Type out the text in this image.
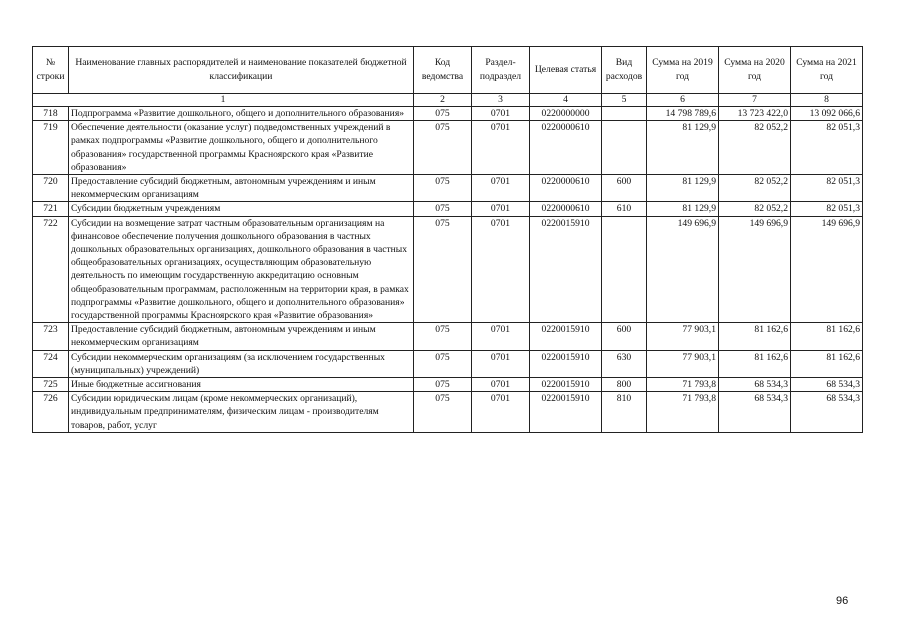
№ строки	Наименование главных распорядителей и наименование показателей бюджетной классификации	Код ведомства	Раздел-подраздел	Целевая статья	Вид расходов	Сумма на 2019 год	Сумма на 2020 год	Сумма на 2021 год
1		2	3	4	5	6	7	8
718	Подпрограмма «Развитие дошкольного, общего и дополнительного образования»	075	0701	0220000000		14 798 789,6	13 723 422,0	13 092 066,6
719	Обеспечение деятельности (оказание услуг) подведомственных учреждений в рамках подпрограммы «Развитие дошкольного, общего и дополнительного образования» государственной программы Красноярского края «Развитие образования»	075	0701	0220000610		81 129,9	82 052,2	82 051,3
720	Предоставление субсидий бюджетным, автономным учреждениям и иным некоммерческим организациям	075	0701	0220000610	600	81 129,9	82 052,2	82 051,3
721	Субсидии бюджетным учреждениям	075	0701	0220000610	610	81 129,9	82 052,2	82 051,3
722	Субсидии на возмещение затрат частным образовательным организациям на финансовое обеспечение получения дошкольного образования в частных дошкольных образовательных организациях, дошкольного образования в частных общеобразовательных организациях, осуществляющим образовательную деятельность по имеющим государственную аккредитацию основным общеобразовательным программам, расположенным на территории края, в рамках подпрограммы «Развитие дошкольного, общего и дополнительного образования» государственной программы Красноярского края «Развитие образования»	075	0701	0220015910		149 696,9	149 696,9	149 696,9
723	Предоставление субсидий бюджетным, автономным учреждениям и иным некоммерческим организациям	075	0701	0220015910	600	77 903,1	81 162,6	81 162,6
724	Субсидии некоммерческим организациям (за исключением государственных (муниципальных) учреждений)	075	0701	0220015910	630	77 903,1	81 162,6	81 162,6
725	Иные бюджетные ассигнования	075	0701	0220015910	800	71 793,8	68 534,3	68 534,3
726	Субсидии юридическим лицам (кроме некоммерческих организаций), индивидуальным предпринимателям, физическим лицам - производителям товаров, работ, услуг	075	0701	0220015910	810	71 793,8	68 534,3	68 534,3
96
